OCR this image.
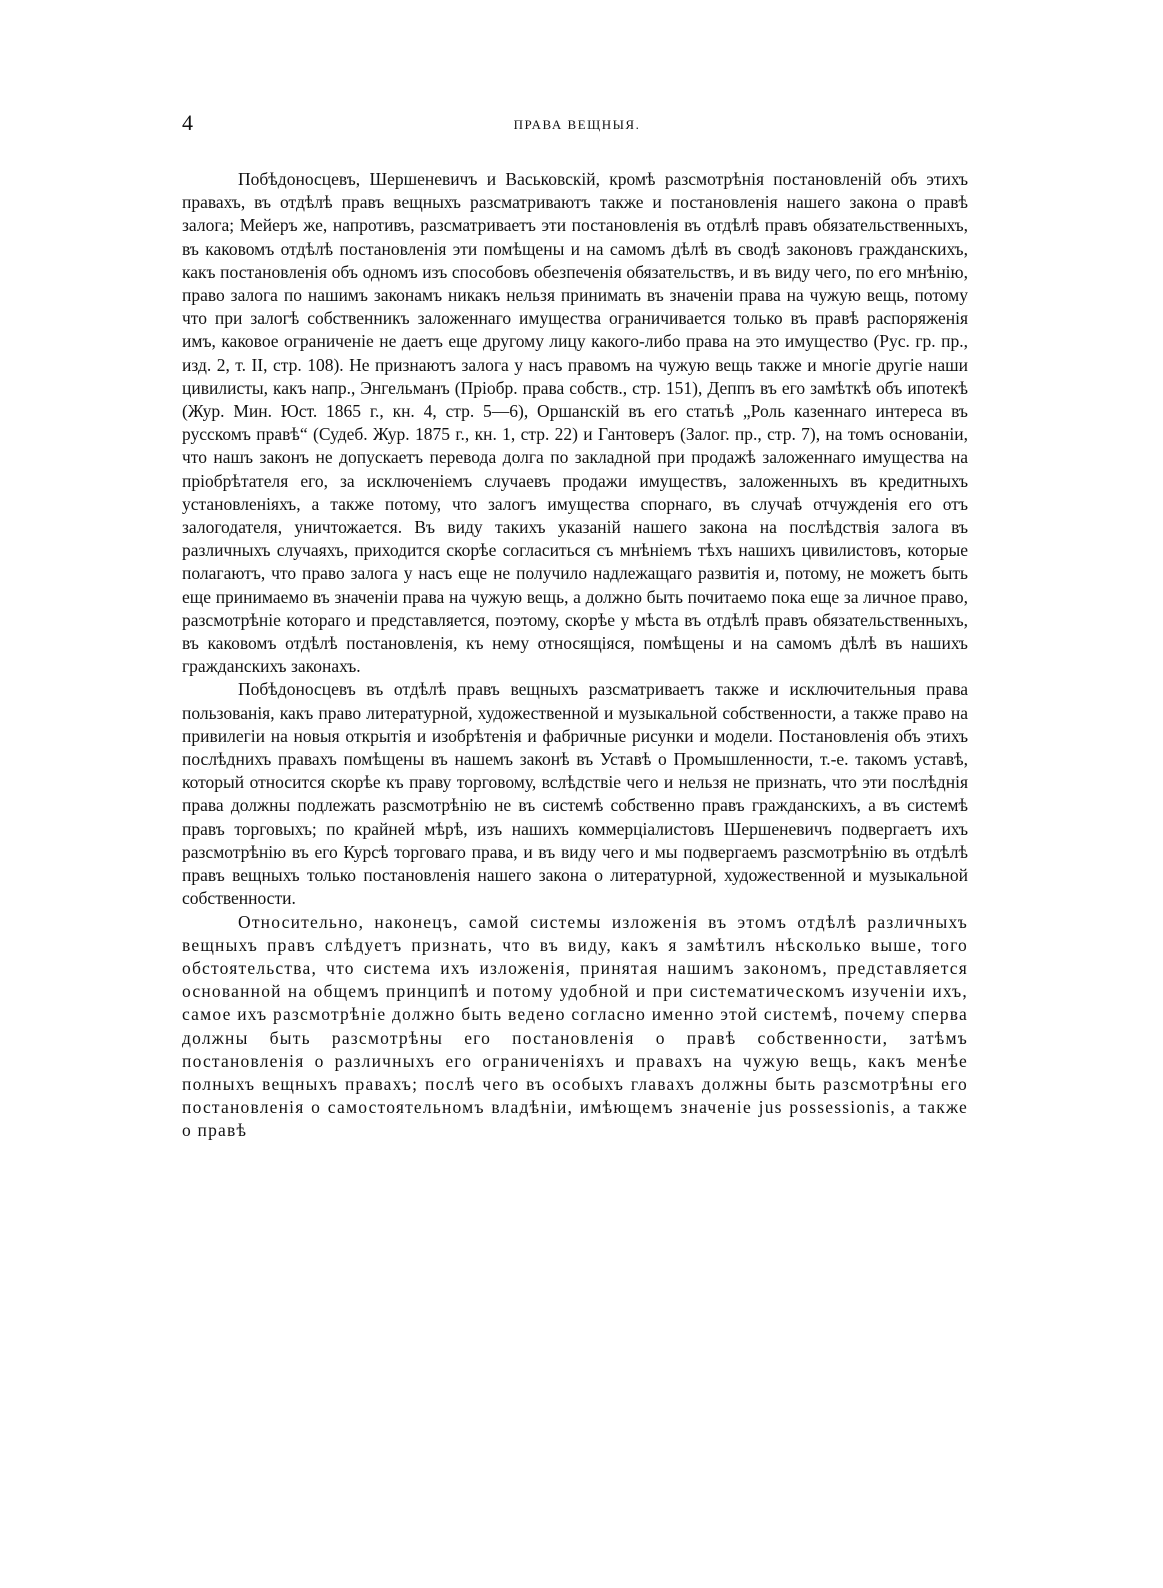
4	ПРАВА ВЕЩНЫЯ.

Побѣдоносцевъ, Шершеневичъ и Васьковскій, кромѣ разсмотрѣнія постановленій объ этихъ правахъ, въ отдѣлѣ правъ вещныхъ разсматриваютъ также и постановленія нашего закона о правѣ залога; Мейеръ же, напротивъ, разсматриваетъ эти постановленія въ отдѣлѣ правъ обязательственныхъ, въ каковомъ отдѣлѣ постановленія эти помѣщены и на самомъ дѣлѣ въ сводѣ законовъ гражданскихъ, какъ постановленія объ одномъ изъ способовъ обезпеченія обязательствъ, и въ виду чего, по его мнѣнію, право залога по нашимъ законамъ никакъ нельзя принимать въ значеніи права на чужую вещь, потому что при залогѣ собственникъ заложеннаго имущества ограничивается только въ правѣ распоряженія имъ, каковое ограниченіе не даетъ еще другому лицу какого-либо права на это имущество (Рус. гр. пр., изд. 2, т. II, стр. 108). Не признаютъ залога у насъ правомъ на чужую вещь также и многіе другіе наши цивилисты, какъ напр., Энгельманъ (Пріобр. права собств., стр. 151), Деппъ въ его замѣткѣ объ ипотекѣ (Жур. Мин. Юст. 1865 г., кн. 4, стр. 5—6), Оршанскій въ его статьѣ „Роль казеннаго интереса въ русскомъ правѣ“ (Судеб. Жур. 1875 г., кн. 1, стр. 22) и Гантоверъ (Залог. пр., стр. 7), на томъ основаніи, что нашъ законъ не допускаетъ перевода долга по закладной при продажѣ заложеннаго имущества на пріобрѣтателя его, за исключеніемъ случаевъ продажи имуществъ, заложенныхъ въ кредитныхъ установленіяхъ, а также потому, что залогъ имущества спорнаго, въ случаѣ отчужденія его отъ залогодателя, уничтожается. Въ виду такихъ указаній нашего закона на послѣдствія залога въ различныхъ случаяхъ, приходится скорѣе согласиться съ мнѣніемъ тѣхъ нашихъ цивилистовъ, которые полагаютъ, что право залога у насъ еще не получило надлежащаго развитія и, потому, не можетъ быть еще принимаемо въ значеніи права на чужую вещь, а должно быть почитаемо пока еще за личное право, разсмотрѣніе котораго и представляется, поэтому, скорѣе у мѣста въ отдѣлѣ правъ обязательственныхъ, въ каковомъ отдѣлѣ постановленія, къ нему относящіяся, помѣщены и на самомъ дѣлѣ въ нашихъ гражданскихъ законахъ.

Побѣдоносцевъ въ отдѣлѣ правъ вещныхъ разсматриваетъ также и исключительныя права пользованія, какъ право литературной, художественной и музыкальной собственности, а также право на привилегіи на новыя открытія и изобрѣтенія и фабричные рисунки и модели. Постановленія объ этихъ послѣднихъ правахъ помѣщены въ нашемъ законѣ въ Уставѣ о Промышленности, т.-е. такомъ уставѣ, который относится скорѣе къ праву торговому, вслѣдствіе чего и нельзя не признать, что эти послѣднія права должны подлежать разсмотрѣнію не въ системѣ собственно правъ гражданскихъ, а въ системѣ правъ торговыхъ; по крайней мѣрѣ, изъ нашихъ коммерціалистовъ Шершеневичъ подвергаетъ ихъ разсмотрѣнію въ его Курсѣ торговаго права, и въ виду чего и мы подвергаемъ разсмотрѣнію въ отдѣлѣ правъ вещныхъ только постановленія нашего закона о литературной, художественной и музыкальной собственности.

Относительно, наконецъ, самой системы изложенія въ этомъ отдѣлѣ различныхъ вещныхъ правъ слѣдуетъ признать, что въ виду, какъ я замѣтилъ нѣсколько выше, того обстоятельства, что система ихъ изложенія, принятая нашимъ закономъ, представляется основанной на общемъ принципѣ и потому удобной и при систематическомъ изученіи ихъ, самое ихъ разсмотрѣніе должно быть ведено согласно именно этой системѣ, почему сперва должны быть разсмотрѣны его постановленія о правѣ собственности, затѣмъ постановленія о различныхъ его ограниченіяхъ и правахъ на чужую вещь, какъ менѣе полныхъ вещныхъ правахъ; послѣ чего въ особыхъ главахъ должны быть разсмотрѣны его постановленія о самостоятельномъ владѣніи, имѣющемъ значеніе jus possessionis, а также о правѣ
